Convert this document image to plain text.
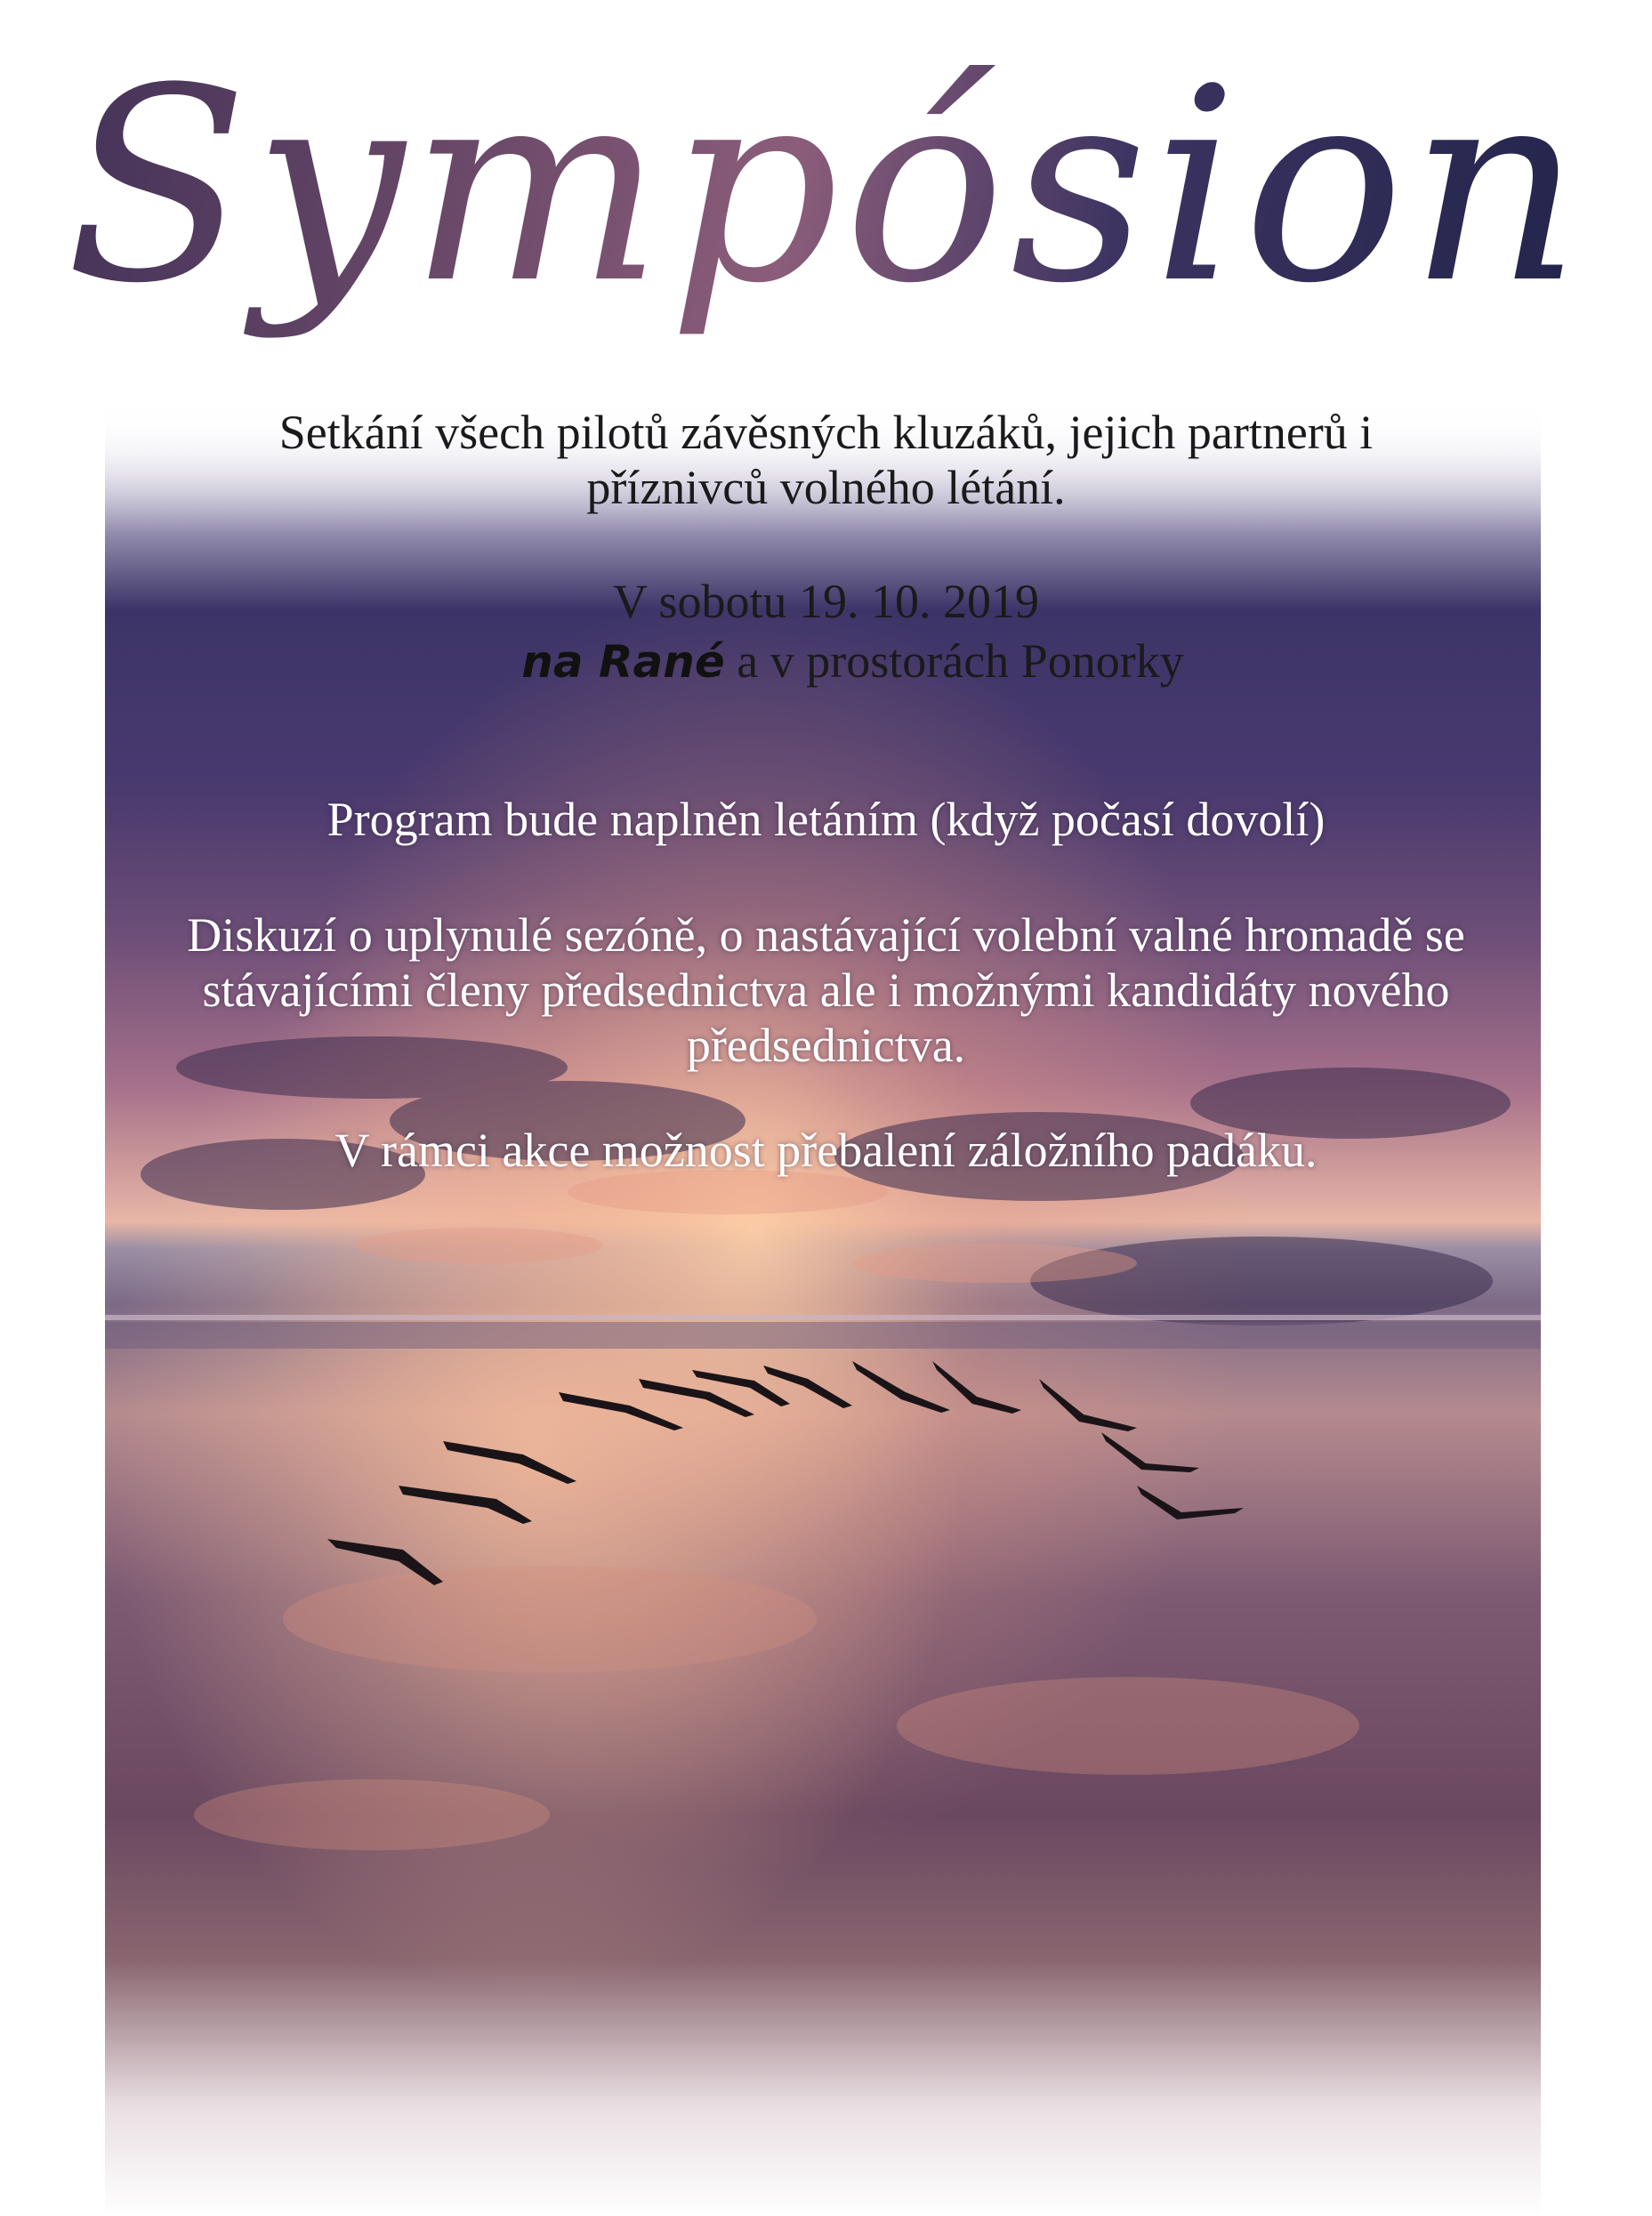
Sympósion
Setkání všech pilotů závěsných kluzáků, jejich partnerů i příznivců volného létání.
V sobotu 19. 10. 2019
na Rané a v prostorách Ponorky
Program bude naplněn letáním (když počasí dovolí)
Diskuzí o uplynulé sezóně, o nastávající volební valné hromadě se stávajícími členy předsednictva ale i možnými kandidáty nového předsednictva.
V rámci akce možnost přebalení záložního padáku.
